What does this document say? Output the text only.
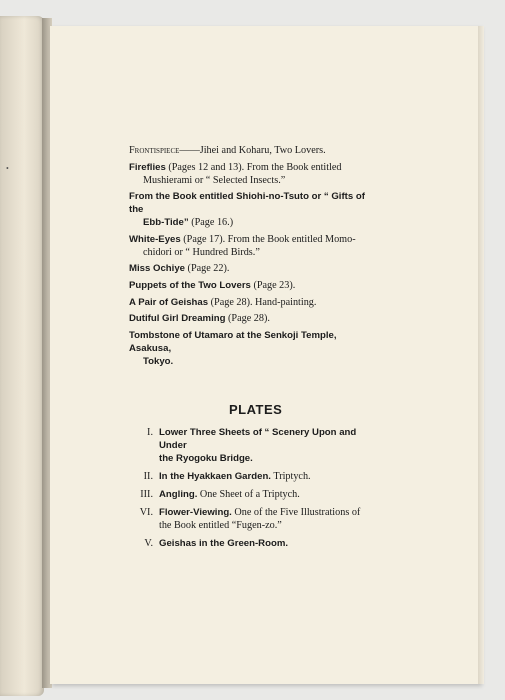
•
Frontispiece——Jihei and Koharu, Two Lovers.
Fireflies (Pages 12 and 13). From the Book entitled
Mushierami or “ Selected Insects.”
From the Book entitled Shiohi-no-Tsuto or “ Gifts of the
Ebb-Tide” (Page 16.)
White-Eyes (Page 17). From the Book entitled Momo-
chidori or “ Hundred Birds.”
Miss Ochiye (Page 22).
Puppets of the Two Lovers (Page 23).
A Pair of Geishas (Page 28). Hand-painting.
Dutiful Girl Dreaming (Page 28).
Tombstone of Utamaro at the Senkoji Temple, Asakusa,
Tokyo.
PLATES
I. Lower Three Sheets of “ Scenery Upon and Under
the Ryogoku Bridge.
II. In the Hyakkaen Garden. Triptych.
III. Angling. One Sheet of a Triptych.
VI. Flower-Viewing. One of the Five Illustrations of
the Book entitled “Fugen-zo.”
V. Geishas in the Green-Room.
